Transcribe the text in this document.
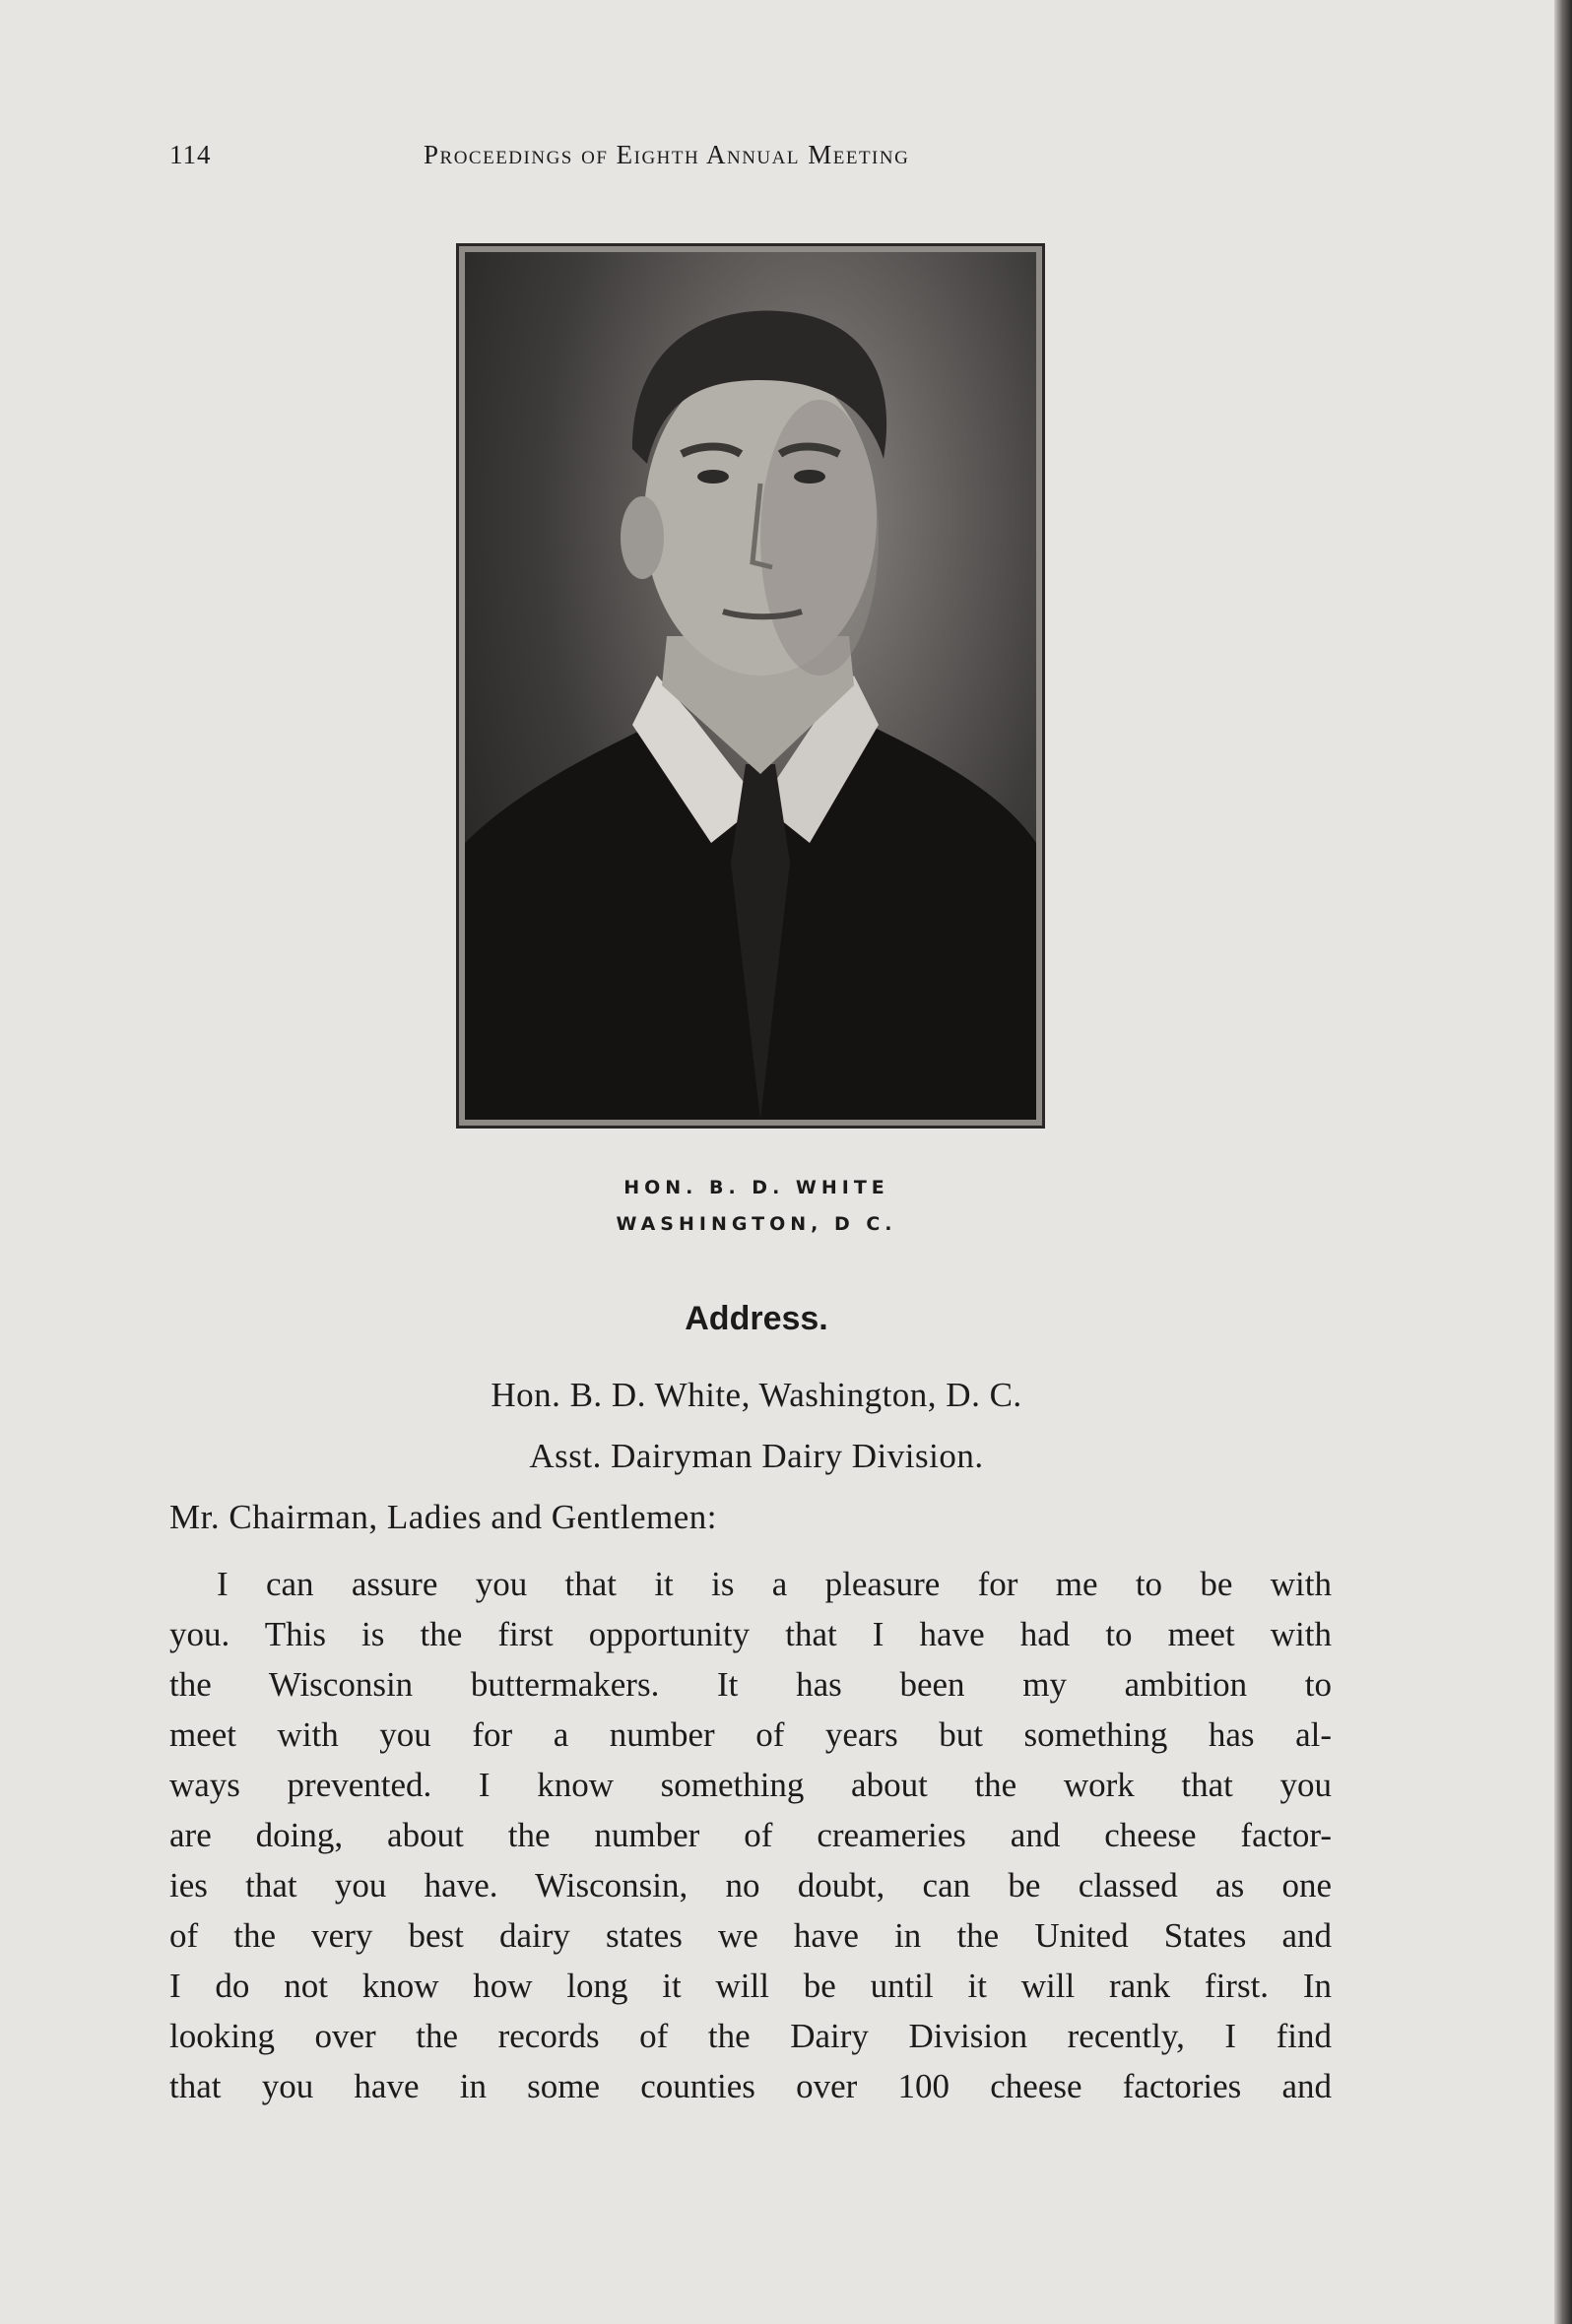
114	Proceedings of Eighth Annual Meeting
HON. B. D. WHITE
WASHINGTON, D C.
Address.
Hon. B. D. White, Washington, D. C.
Asst. Dairyman Dairy Division.
Mr. Chairman, Ladies and Gentlemen:
I can assure you that it is a pleasure for me to be with
you. This is the first opportunity that I have had to meet with
the Wisconsin buttermakers. It has been my ambition to
meet with you for a number of years but something has al-
ways prevented. I know something about the work that you
are doing, about the number of creameries and cheese factor-
ies that you have. Wisconsin, no doubt, can be classed as one
of the very best dairy states we have in the United States and
I do not know how long it will be until it will rank first. In
looking over the records of the Dairy Division recently, I find
that you have in some counties over 100 cheese factories and
